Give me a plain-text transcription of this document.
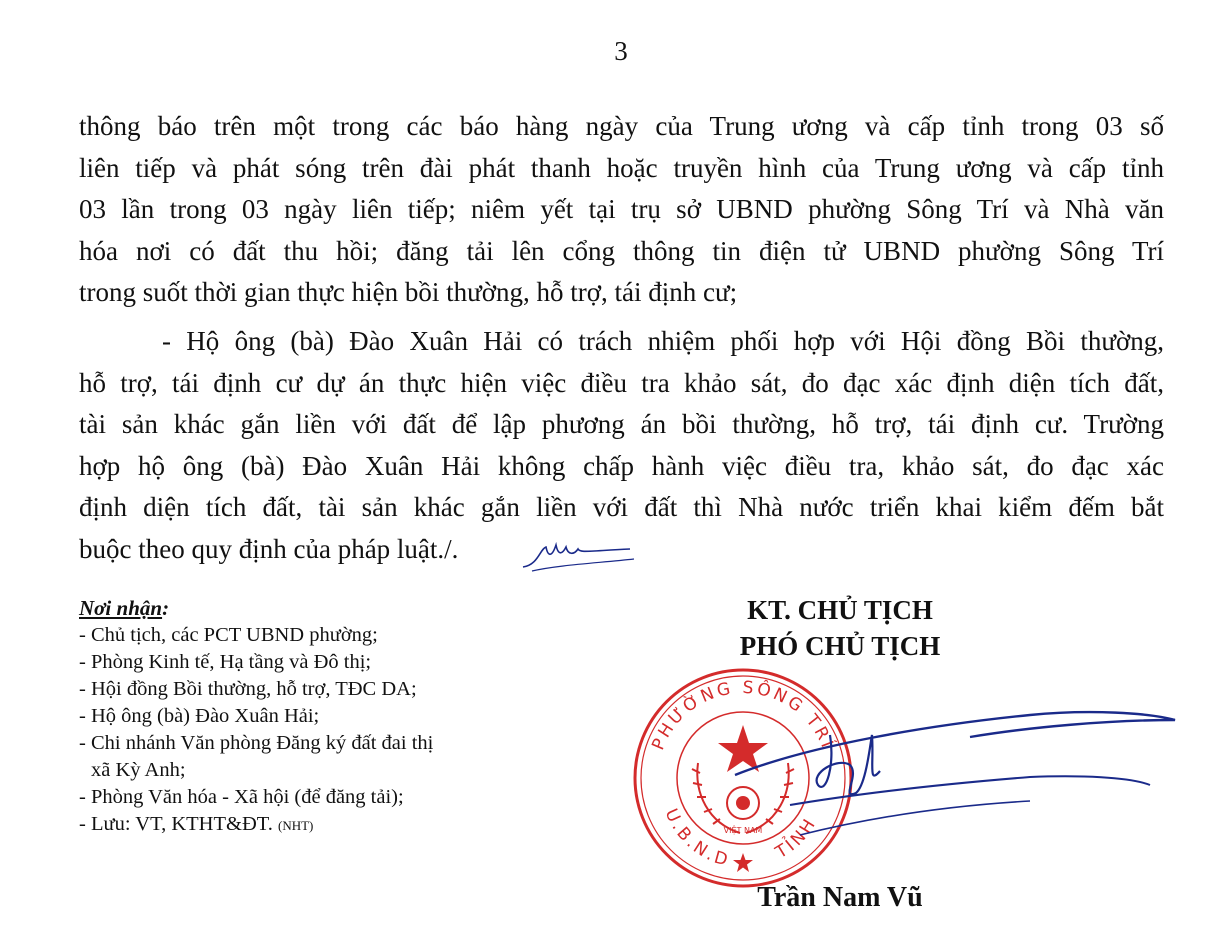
3
thông báo trên một trong các báo hàng ngày của Trung ương và cấp tỉnh trong 03 số
liên tiếp và phát sóng trên đài phát thanh hoặc truyền hình của Trung ương và cấp tỉnh
03 lần trong 03 ngày liên tiếp; niêm yết tại trụ sở UBND phường Sông Trí và Nhà văn
hóa nơi có đất thu hồi; đăng tải lên cổng thông tin điện tử UBND phường Sông Trí
trong suốt thời gian thực hiện bồi thường, hỗ trợ, tái định cư;
- Hộ ông (bà) Đào Xuân Hải có trách nhiệm phối hợp với Hội đồng Bồi thường,
hỗ trợ, tái định cư dự án thực hiện việc điều tra khảo sát, đo đạc xác định diện tích đất,
tài sản khác gắn liền với đất để lập phương án bồi thường, hỗ trợ, tái định cư. Trường
hợp hộ ông (bà) Đào Xuân Hải không chấp hành việc điều tra, khảo sát, đo đạc xác
định diện tích đất, tài sản khác gắn liền với đất thì Nhà nước triển khai kiểm đếm bắt
buộc theo quy định của pháp luật./.
Nơi nhận:
- Chủ tịch, các PCT UBND phường;
- Phòng Kinh tế, Hạ tầng và Đô thị;
- Hội đồng Bồi thường, hỗ trợ, TĐC DA;
- Hộ ông (bà) Đào Xuân Hải;
- Chi nhánh Văn phòng Đăng ký đất đai thị
xã Kỳ Anh;
- Phòng Văn hóa - Xã hội (để đăng tải);
- Lưu: VT, KTHT&ĐT. (NHT)
KT. CHỦ TỊCH
PHÓ CHỦ TỊCH
PHƯỜNG SÔNG TRÍ
U.B.N.D TỈNH
VIỆT NAM
Trần Nam Vũ
